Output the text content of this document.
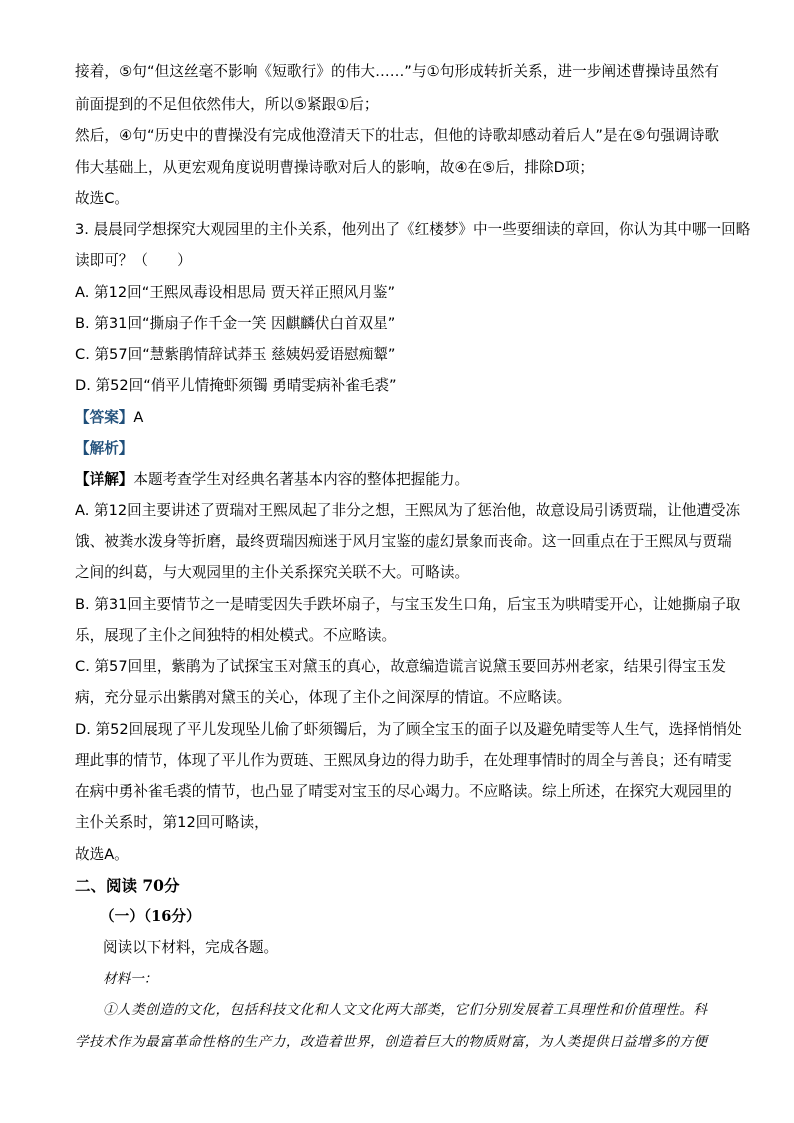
接着，⑤句“但这丝毫不影响《短歌行》的伟大……”与①句形成转折关系，进一步阐述曹操诗虽然有

前面提到的不足但依然伟大，所以⑤紧跟①后；

然后，④句“历史中的曹操没有完成他澄清天下的壮志，但他的诗歌却感动着后人”是在⑤句强调诗歌

伟大基础上，从更宏观角度说明曹操诗歌对后人的影响，故④在⑤后，排除D项；

故选C。

3. 晨晨同学想探究大观园里的主仆关系，他列出了《红楼梦》中一些要细读的章回，你认为其中哪一回略

读即可？（　　）

A. 第12回“王熙凤毒设相思局 贾天祥正照风月鉴”

B. 第31回“撕扇子作千金一笑 因麒麟伏白首双星”

C. 第57回“慧紫鹃情辞试莽玉 慈姨妈爱语慰痴颦”

D. 第52回“俏平儿情掩虾须镯 勇晴雯病补雀毛裘”

【答案】A

【解析】

【详解】本题考查学生对经典名著基本内容的整体把握能力。

A. 第12回主要讲述了贾瑞对王熙凤起了非分之想，王熙凤为了惩治他，故意设局引诱贾瑞，让他遭受冻

饿、被粪水泼身等折磨，最终贾瑞因痴迷于风月宝鉴的虚幻景象而丧命。这一回重点在于王熙凤与贾瑞

之间的纠葛，与大观园里的主仆关系探究关联不大。可略读。

B. 第31回主要情节之一是晴雯因失手跌坏扇子，与宝玉发生口角，后宝玉为哄晴雯开心，让她撕扇子取

乐，展现了主仆之间独特的相处模式。不应略读。

C. 第57回里，紫鹃为了试探宝玉对黛玉的真心，故意编造谎言说黛玉要回苏州老家，结果引得宝玉发

病，充分显示出紫鹃对黛玉的关心，体现了主仆之间深厚的情谊。不应略读。

D. 第52回展现了平儿发现坠儿偷了虾须镯后，为了顾全宝玉的面子以及避免晴雯等人生气，选择悄悄处

理此事的情节，体现了平儿作为贾琏、王熙凤身边的得力助手，在处理事情时的周全与善良；还有晴雯

在病中勇补雀毛裘的情节，也凸显了晴雯对宝玉的尽心竭力。不应略读。综上所述，在探究大观园里的

主仆关系时，第12回可略读，

故选A。

二、阅读 70分

（一）（16分）

阅读以下材料，完成各题。

材料一：

①人类创造的文化，包括科技文化和人文文化两大部类，它们分别发展着工具理性和价值理性。科

学技术作为最富革命性格的生产力，改造着世界，创造着巨大的物质财富，为人类提供日益增多的方便
